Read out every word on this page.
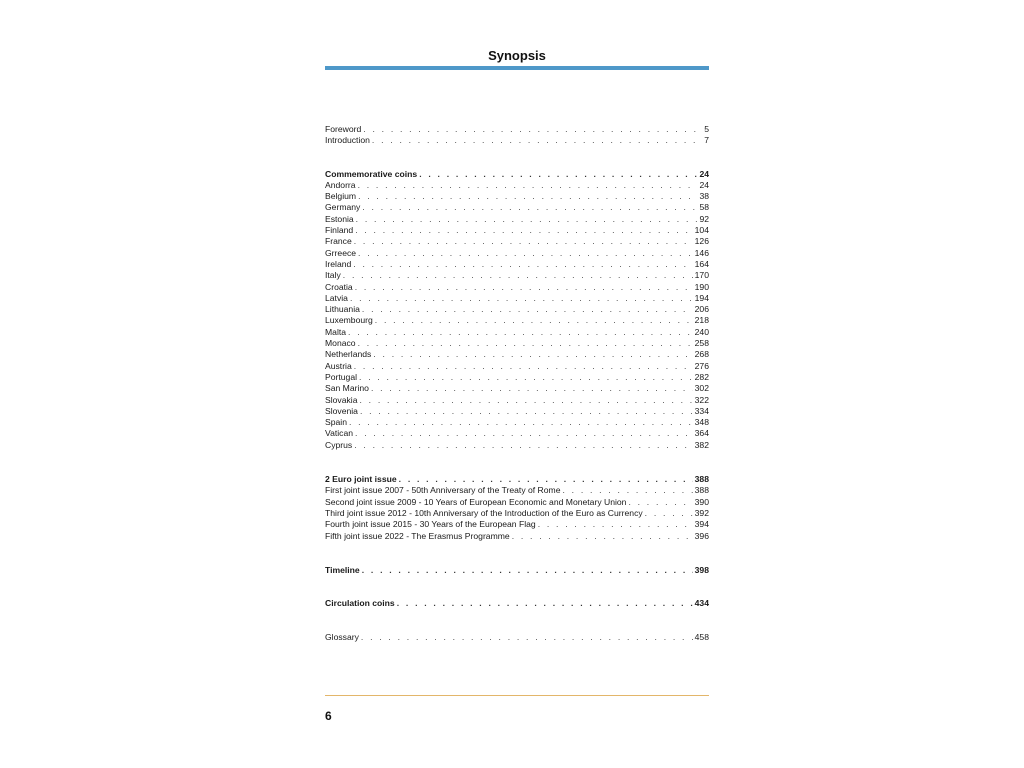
Synopsis
Foreword . . .	5
Introduction . . .	7
Commemorative coins . . .	24
Andorra . . .	24
Belgium . . .	38
Germany . . .	58
Estonia . . .	92
Finland . . .	104
France . . .	126
Grreece . . .	146
Ireland . . .	164
Italy . . .	170
Croatia . . .	190
Latvia . . .	194
Lithuania . . .	206
Luxembourg . . .	218
Malta . . .	240
Monaco . . .	258
Netherlands . . .	268
Austria . . .	276
Portugal . . .	282
San Marino . . .	302
Slovakia . . .	322
Slovenia . . .	334
Spain . . .	348
Vatican . . .	364
Cyprus . . .	382
2 Euro joint issue . . .	388
First joint issue 2007 - 50th Anniversary of the Treaty of Rome . . .	388
Second joint issue 2009 - 10 Years of European Economic and Monetary Union . . .	390
Third joint issue 2012 - 10th Anniversary of the Introduction of the Euro as Currency . . .	392
Fourth joint issue 2015 - 30 Years of the European Flag . . .	394
Fifth joint issue 2022 - The Erasmus Programme . . .	396
Timeline . . .	398
Circulation coins . . .	434
Glossary . . .	458
6
